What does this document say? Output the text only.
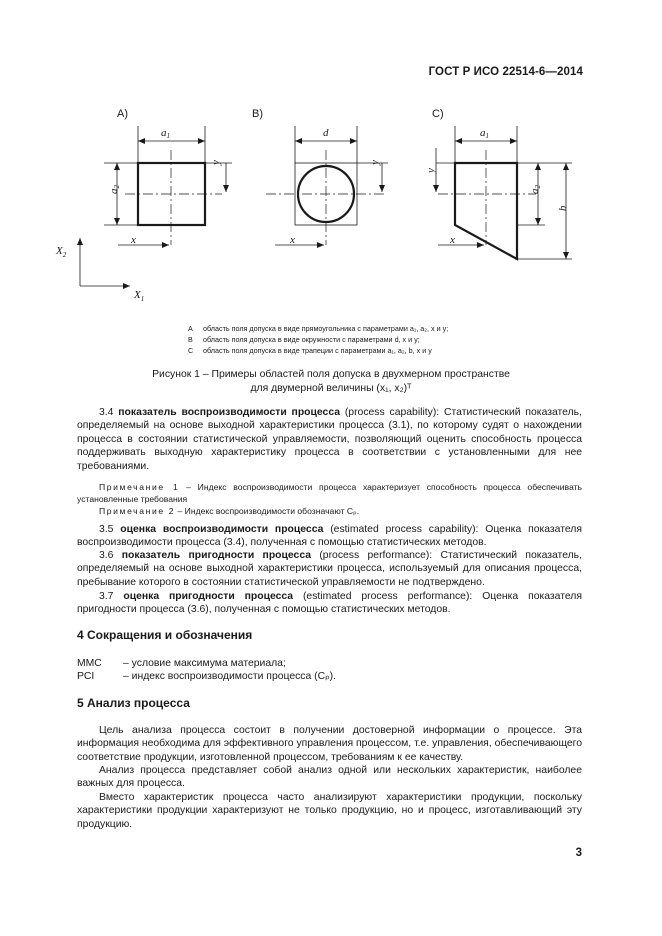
ГОСТ Р ИСО 22514-6—2014
A)	B)	C)
a1
a2
y
x
d
y
x
a1
a2
b
y
x
$X_2$
$X_1$
A область поля допуска в виде прямоугольника с параметрами a₁, a₂, x и y;
B область поля допуска в виде окружности с параметрами d, x и y;
C область поля допуска в виде трапеции с параметрами a₁, a₂, b, x и y
Рисунок 1 – Примеры областей поля допуска в двухмерном пространстве
для двумерной величины (x₁, x₂)ᵀ
3.4 показатель воспроизводимости процесса (process capability): Статистический показатель, определяемый на основе выходной характеристики процесса (3.1), по которому судят о нахождении процесса в состоянии статистической управляемости, позволяющий оценить способность процесса поддерживать выходную характеристику процесса в соответствии с установленными для нее требованиями.
Примечание 1 – Индекс воспроизводимости процесса характеризует способность процесса обеспечивать установленные требования
Примечание 2 – Индекс воспроизводимости обозначают Cₚ.
3.5 оценка воспроизводимости процесса (estimated process capability): Оценка показателя воспроизводимости процесса (3.4), полученная с помощью статистических методов.
3.6 показатель пригодности процесса (process performance): Статистический показатель, определяемый на основе выходной характеристики процесса, используемый для описания процесса, пребывание которого в состоянии статистической управляемости не подтверждено.
3.7 оценка пригодности процесса (estimated process performance): Оценка показателя пригодности процесса (3.6), полученная с помощью статистических методов.
4 Сокращения и обозначения
MMC – условие максимума материала;
PCI	– индекс воспроизводимости процесса (Cₚ).
5 Анализ процесса
Цель анализа процесса состоит в получении достоверной информации о процессе. Эта информация необходима для эффективного управления процессом, т.е. управления, обеспечивающего соответствие продукции, изготовленной процессом, требованиям к ее качеству.
Анализ процесса представляет собой анализ одной или нескольких характеристик, наиболее важных для процесса.
Вместо характеристик процесса часто анализируют характеристики продукции, поскольку характеристики продукции характеризуют не только продукцию, но и процесс, изготавливающий эту продукцию.
3
